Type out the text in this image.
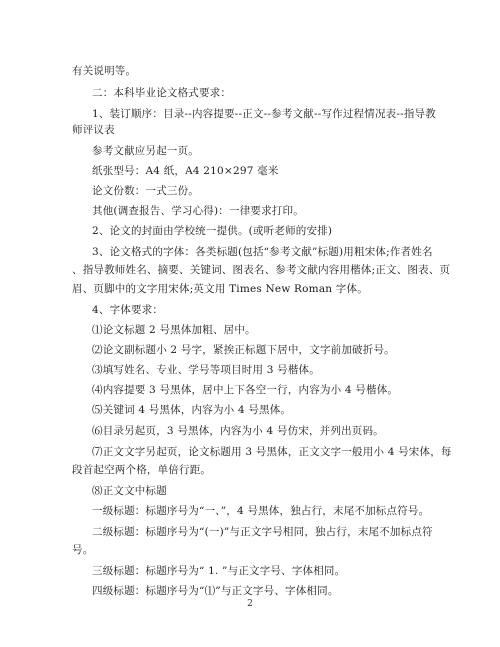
有关说明等。
二：本科毕业论文格式要求：
1、装订顺序：目录--内容提要--正文--参考文献--写作过程情况表--指导教
师评议表
参考文献应另起一页。
纸张型号：A4 纸，A4 210×297 毫米
论文份数：一式三份。
其他(调查报告、学习心得)：一律要求打印。
2、论文的封面由学校统一提供。(或听老师的安排)
3、论文格式的字体：各类标题(包括“参考文献”标题)用粗宋体;作者姓名
、指导教师姓名、摘要、关键词、图表名、参考文献内容用楷体;正文、图表、页
眉、页脚中的文字用宋体;英文用 Times New Roman 字体。
4、字体要求：
⑴论文标题 2 号黑体加粗、居中。
⑵论文副标题小 2 号字，紧挨正标题下居中，文字前加破折号。
⑶填写姓名、专业、学号等项目时用 3 号楷体。
⑷内容提要 3 号黑体，居中上下各空一行，内容为小 4 号楷体。
⑸关键词 4 号黑体，内容为小 4 号黑体。
⑹目录另起页，3 号黑体，内容为小 4 号仿宋，并列出页码。
⑺正文文字另起页，论文标题用 3 号黑体，正文文字一般用小 4 号宋体，每
段首起空两个格，单倍行距。
⑻正文文中标题
一级标题：标题序号为“一、”，4 号黑体，独占行，末尾不加标点符号。
二级标题：标题序号为“(一)”与正文字号相同，独占行，末尾不加标点符
号。
三级标题：标题序号为“ 1. ”与正文字号、字体相同。
四级标题：标题序号为“⑴”与正文字号、字体相同。
2
